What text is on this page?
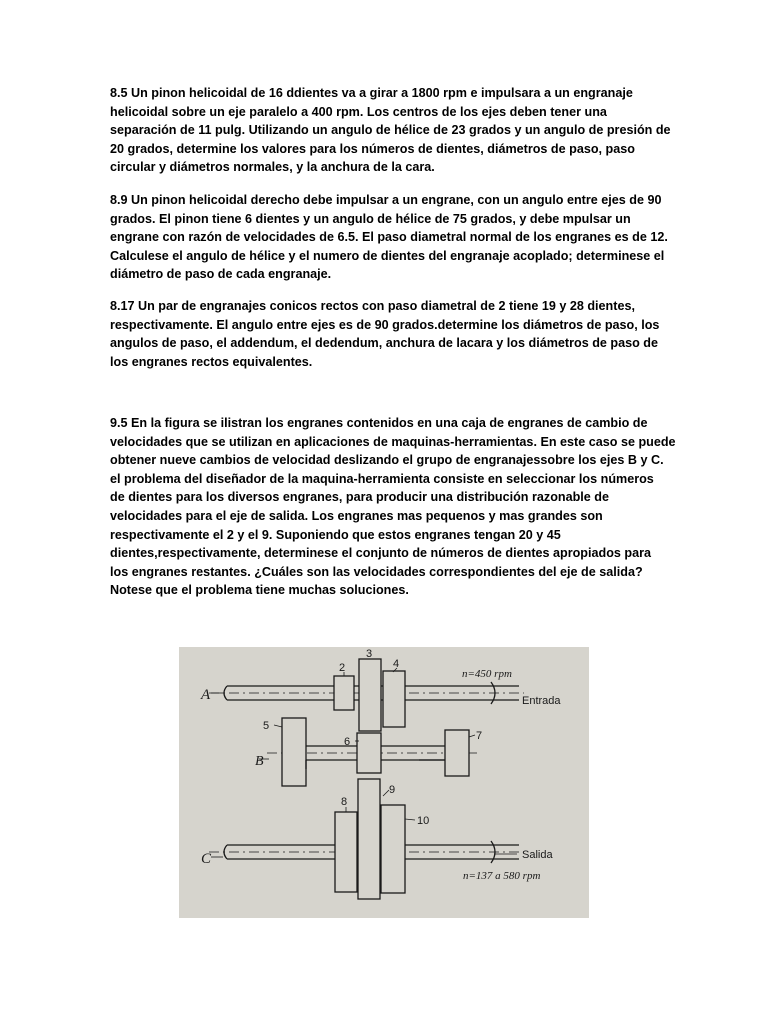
8.5 Un pinon helicoidal de 16 ddientes va a girar a 1800 rpm e impulsara a un engranaje
helicoidal sobre un eje paralelo a 400 rpm. Los centros de los ejes deben tener una
separación de 11 pulg. Utilizando un angulo de hélice de 23 grados y un angulo de presión de
20 grados, determine los valores para los números de dientes, diámetros de paso, paso
circular y diámetros normales, y la anchura de la cara.
8.9 Un pinon helicoidal derecho debe impulsar a un engrane, con un angulo entre ejes de 90
grados. El pinon tiene 6 dientes y un angulo de hélice de 75 grados, y debe mpulsar un
engrane con razón de velocidades de 6.5. El paso diametral normal de los engranes es de 12.
Calculese el angulo de hélice y el numero de dientes del engranaje acoplado; determinese el
diámetro de paso de cada engranaje.
8.17 Un par de engranajes conicos rectos con paso diametral de 2 tiene 19 y 28 dientes,
respectivamente. El angulo entre ejes es de 90 grados.determine los diámetros de paso, los
angulos de paso, el addendum, el dedendum, anchura de lacara y los diámetros de paso de
los engranes rectos equivalentes.
9.5 En la figura se ilistran los engranes contenidos en una caja de engranes de cambio de
velocidades que se utilizan en aplicaciones de maquinas-herramientas. En este caso se puede
obtener nueve cambios de velocidad deslizando el grupo de engranajessobre los ejes B y C.
el problema del diseñador de la maquina-herramienta consiste en seleccionar los números
de dientes para los diversos engranes, para producir una distribución razonable de
velocidades para el eje de salida. Los engranes mas pequenos y mas grandes son
respectivamente el 2 y el 9. Suponiendo que estos engranes tengan 20 y 45
dientes,respectivamente, determinese el conjunto de números de dientes apropiados para
los engranes restantes. ¿Cuáles son las velocidades correspondientes del eje de salida?
Notese que el problema tiene muchas soluciones.
A
B
C
2
3
4
5
6	7
8
9
10
n=450 rpm
Entrada
Salida
n=137 a 580 rpm
